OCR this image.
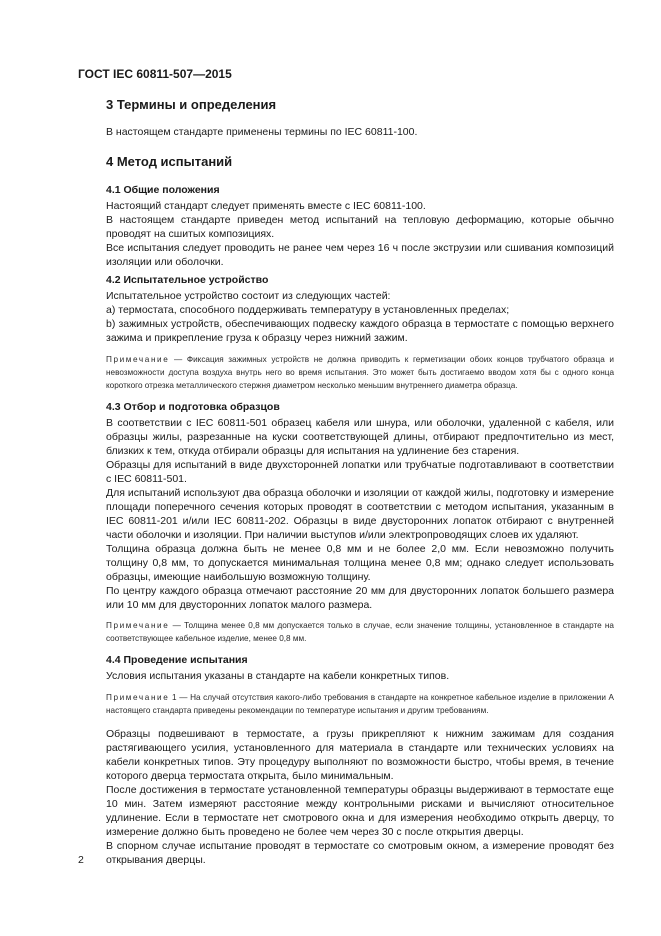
ГОСТ IEC 60811-507—2015
3 Термины и определения
В настоящем стандарте применены термины по IEC 60811-100.
4 Метод испытаний
4.1 Общие положения
Настоящий стандарт следует применять вместе с IEC 60811-100.
В настоящем стандарте приведен метод испытаний на тепловую деформацию, которые обычно проводят на сшитых композициях.
Все испытания следует проводить не ранее чем через 16 ч после экструзии или сшивания композиций изоляции или оболочки.
4.2 Испытательное устройство
Испытательное устройство состоит из следующих частей:
а) термостата, способного поддерживать температуру в установленных пределах;
b) зажимных устройств, обеспечивающих подвеску каждого образца в термостате с помощью верхнего зажима и прикрепление груза к образцу через нижний зажим.
Примечание — Фиксация зажимных устройств не должна приводить к герметизации обоих концов трубчатого образца и невозможности доступа воздуха внутрь него во время испытания. Это может быть достигаемо вводом хотя бы с одного конца короткого отрезка металлического стержня диаметром несколько меньшим внутреннего диаметра образца.
4.3 Отбор и подготовка образцов
В соответствии с IEC 60811-501 образец кабеля или шнура, или оболочки, удаленной с кабеля, или образцы жилы, разрезанные на куски соответствующей длины, отбирают предпочтительно из мест, близких к тем, откуда отбирали образцы для испытания на удлинение без старения.
Образцы для испытаний в виде двухсторонней лопатки или трубчатые подготавливают в соответствии с IEC 60811-501.
Для испытаний используют два образца оболочки и изоляции от каждой жилы, подготовку и измерение площади поперечного сечения которых проводят в соответствии с методом испытания, указанным в IEC 60811-201 и/или IEC 60811-202. Образцы в виде двусторонних лопаток отбирают с внутренней части оболочки и изоляции. При наличии выступов и/или электропроводящих слоев их удаляют.
Толщина образца должна быть не менее 0,8 мм и не более 2,0 мм. Если невозможно получить толщину 0,8 мм, то допускается минимальная толщина менее 0,8 мм; однако следует использовать образцы, имеющие наибольшую возможную толщину.
По центру каждого образца отмечают расстояние 20 мм для двусторонних лопаток большего размера или 10 мм для двусторонних лопаток малого размера.
Примечание — Толщина менее 0,8 мм допускается только в случае, если значение толщины, установленное в стандарте на соответствующее кабельное изделие, менее 0,8 мм.
4.4 Проведение испытания
Условия испытания указаны в стандарте на кабели конкретных типов.
Примечание 1 — На случай отсутствия какого-либо требования в стандарте на конкретное кабельное изделие в приложении А настоящего стандарта приведены рекомендации по температуре испытания и другим требованиям.
Образцы подвешивают в термостате, а грузы прикрепляют к нижним зажимам для создания растягивающего усилия, установленного для материала в стандарте или технических условиях на кабели конкретных типов. Эту процедуру выполняют по возможности быстро, чтобы время, в течение которого дверца термостата открыта, было минимальным.
После достижения в термостате установленной температуры образцы выдерживают в термостате еще 10 мин. Затем измеряют расстояние между контрольными рисками и вычисляют относительное удлинение. Если в термостате нет смотрового окна и для измерения необходимо открыть дверцу, то измерение должно быть проведено не более чем через 30 с после открытия дверцы.
В спорном случае испытание проводят в термостате со смотровым окном, а измерение проводят без открывания дверцы.
2
